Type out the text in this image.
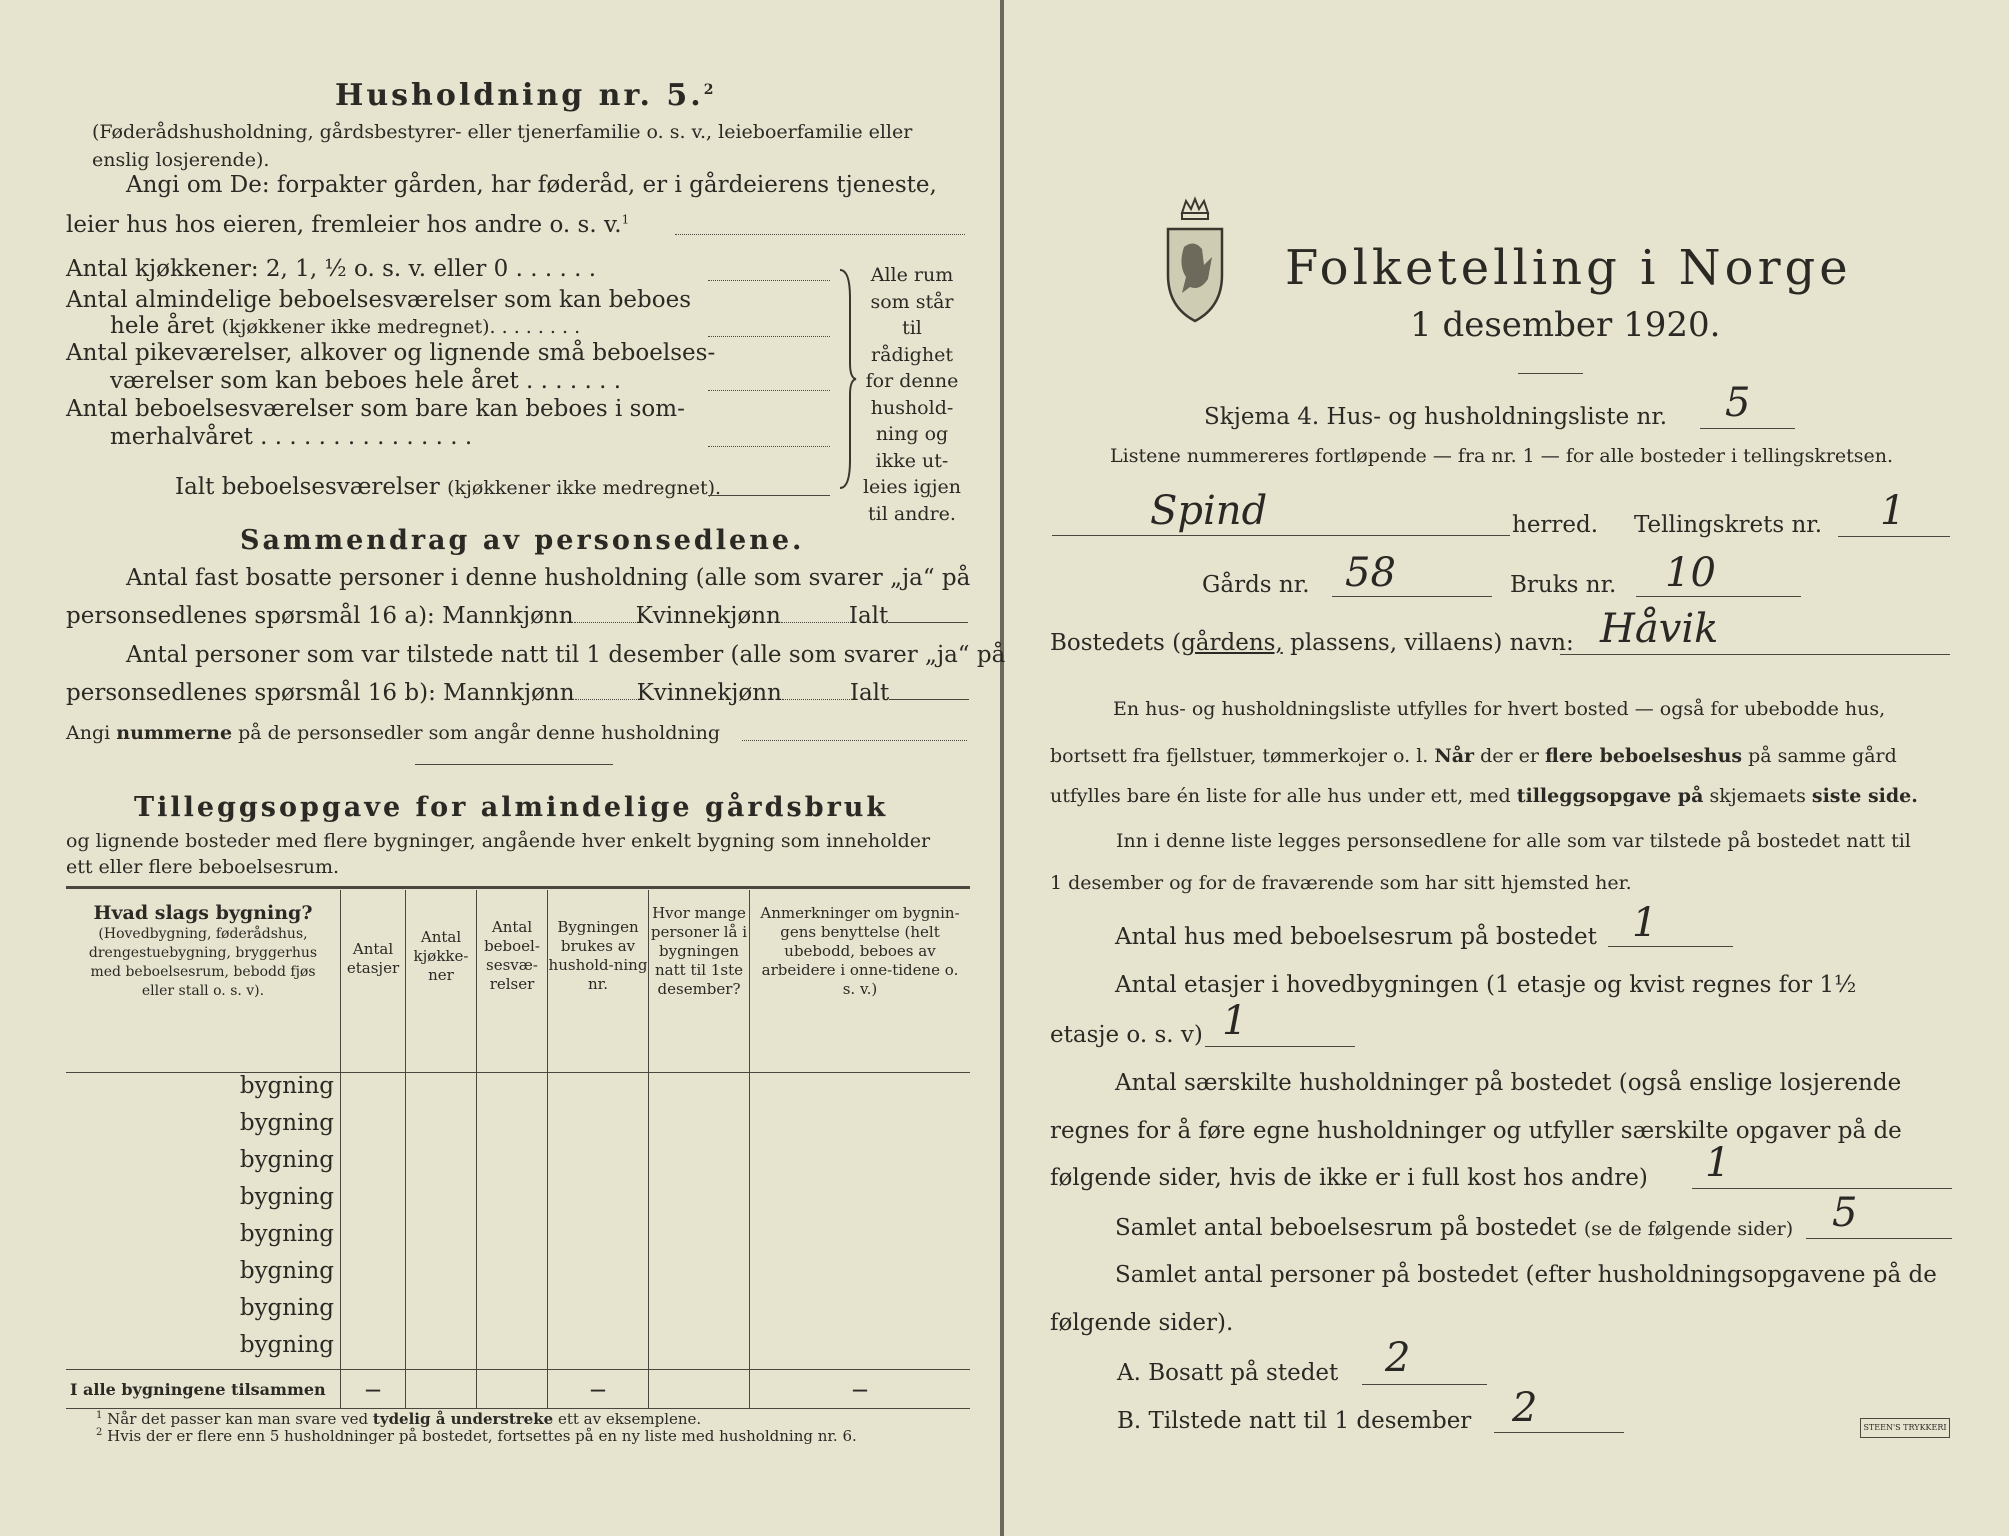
Husholdning nr. 5.$^2$
(Føderådshusholdning, gårdsbestyrer- eller tjenerfamilie o. s. v., leieboerfamilie eller enslig losjerende).
Angi om De: forpakter gården, har føderåd, er i gårdeierens tjeneste,
leier hus hos eieren, fremleier hos andre o. s. v.$^1$
Antal kjøkkener: 2, 1, ½ o. s. v. eller 0 . . . . . .
Antal almindelige beboelsesværelser som kan beboes
hele året (kjøkkener ikke medregnet). . . . . . . .
Antal pikeværelser, alkover og lignende små beboelses-
værelser som kan beboes hele året . . . . . . .
Antal beboelsesværelser som bare kan beboes i som-
merhalvåret . . . . . . . . . . . . . . .
Ialt beboelsesværelser (kjøkkener ikke medregnet).
Alle rum
som står til
rådighet
for denne
hushold-
ning og
ikke ut-
leies igjen
til andre.
Sammendrag av personsedlene.
Antal fast bosatte personer i denne husholdning (alle som svarer „ja“ på
personsedlenes spørsmål 16 a): Mannkjønn	Kvinnekjønn	Ialt
Antal personer som var tilstede natt til 1 desember (alle som svarer „ja“ på
personsedlenes spørsmål 16 b): Mannkjønn	Kvinnekjønn	Ialt
Angi nummerne på de personsedler som angår denne husholdning
Tilleggsopgave for almindelige gårdsbruk
og lignende bosteder med flere bygninger, angående hver enkelt bygning som inneholder
ett eller flere beboelsesrum.
Hvad slags bygning?
(Hovedbygning, føderådshus, drengestuebygning, bryggerhus med beboelsesrum, bebodd fjøs eller stall o. s. v).	Antal etasjer	Antal kjøkke-ner	Antal beboel-sesvæ-relser	Bygningen brukes av hushold-ning nr.	Hvor mange personer lå i bygningen natt til 1ste desember?	Anmerkninger om bygnin-gens benyttelse (helt ubebodd, beboes av arbeidere i onne-tidene o. s. v.)
bygning						
bygning						
bygning						
bygning						
bygning						
bygning						
bygning						
bygning						
I alle bygningene tilsammen	—			—		—
$^1$ Når det passer kan man svare ved tydelig å understreke ett av eksemplene.
$^2$ Hvis der er flere enn 5 husholdninger på bostedet, fortsettes på en ny liste med husholdning nr. 6.
Folketelling i Norge
1 desember 1920.
Skjema 4. Hus- og husholdningsliste nr. 5
Listene nummereres fortløpende — fra nr. 1 — for alle bosteder i tellingskretsen.
Spind	herred. Tellingskrets nr. 1
Gårds nr. 58	Bruks nr. 10
Bostedets (gårdens, plassens, villaens) navn: Håvik
En hus- og husholdningsliste utfylles for hvert bosted — også for ubebodde hus,
bortsett fra fjellstuer, tømmerkojer o. l. Når der er flere beboelseshus på samme gård
utfylles bare én liste for alle hus under ett, med tilleggsopgave på skjemaets siste side.
Inn i denne liste legges personsedlene for alle som var tilstede på bostedet natt til
1 desember og for de fraværende som har sitt hjemsted her.
Antal hus med beboelsesrum på bostedet 1
Antal etasjer i hovedbygningen (1 etasje og kvist regnes for 1½
etasje o. s. v) 1
Antal særskilte husholdninger på bostedet (også enslige losjerende
regnes for å føre egne husholdninger og utfyller særskilte opgaver på de
følgende sider, hvis de ikke er i full kost hos andre) 1
Samlet antal beboelsesrum på bostedet (se de følgende sider) 5
Samlet antal personer på bostedet (efter husholdningsopgavene på de
følgende sider).
A. Bosatt på stedet 2
B. Tilstede natt til 1 desember 2	STEEN'S TRYKKERI
